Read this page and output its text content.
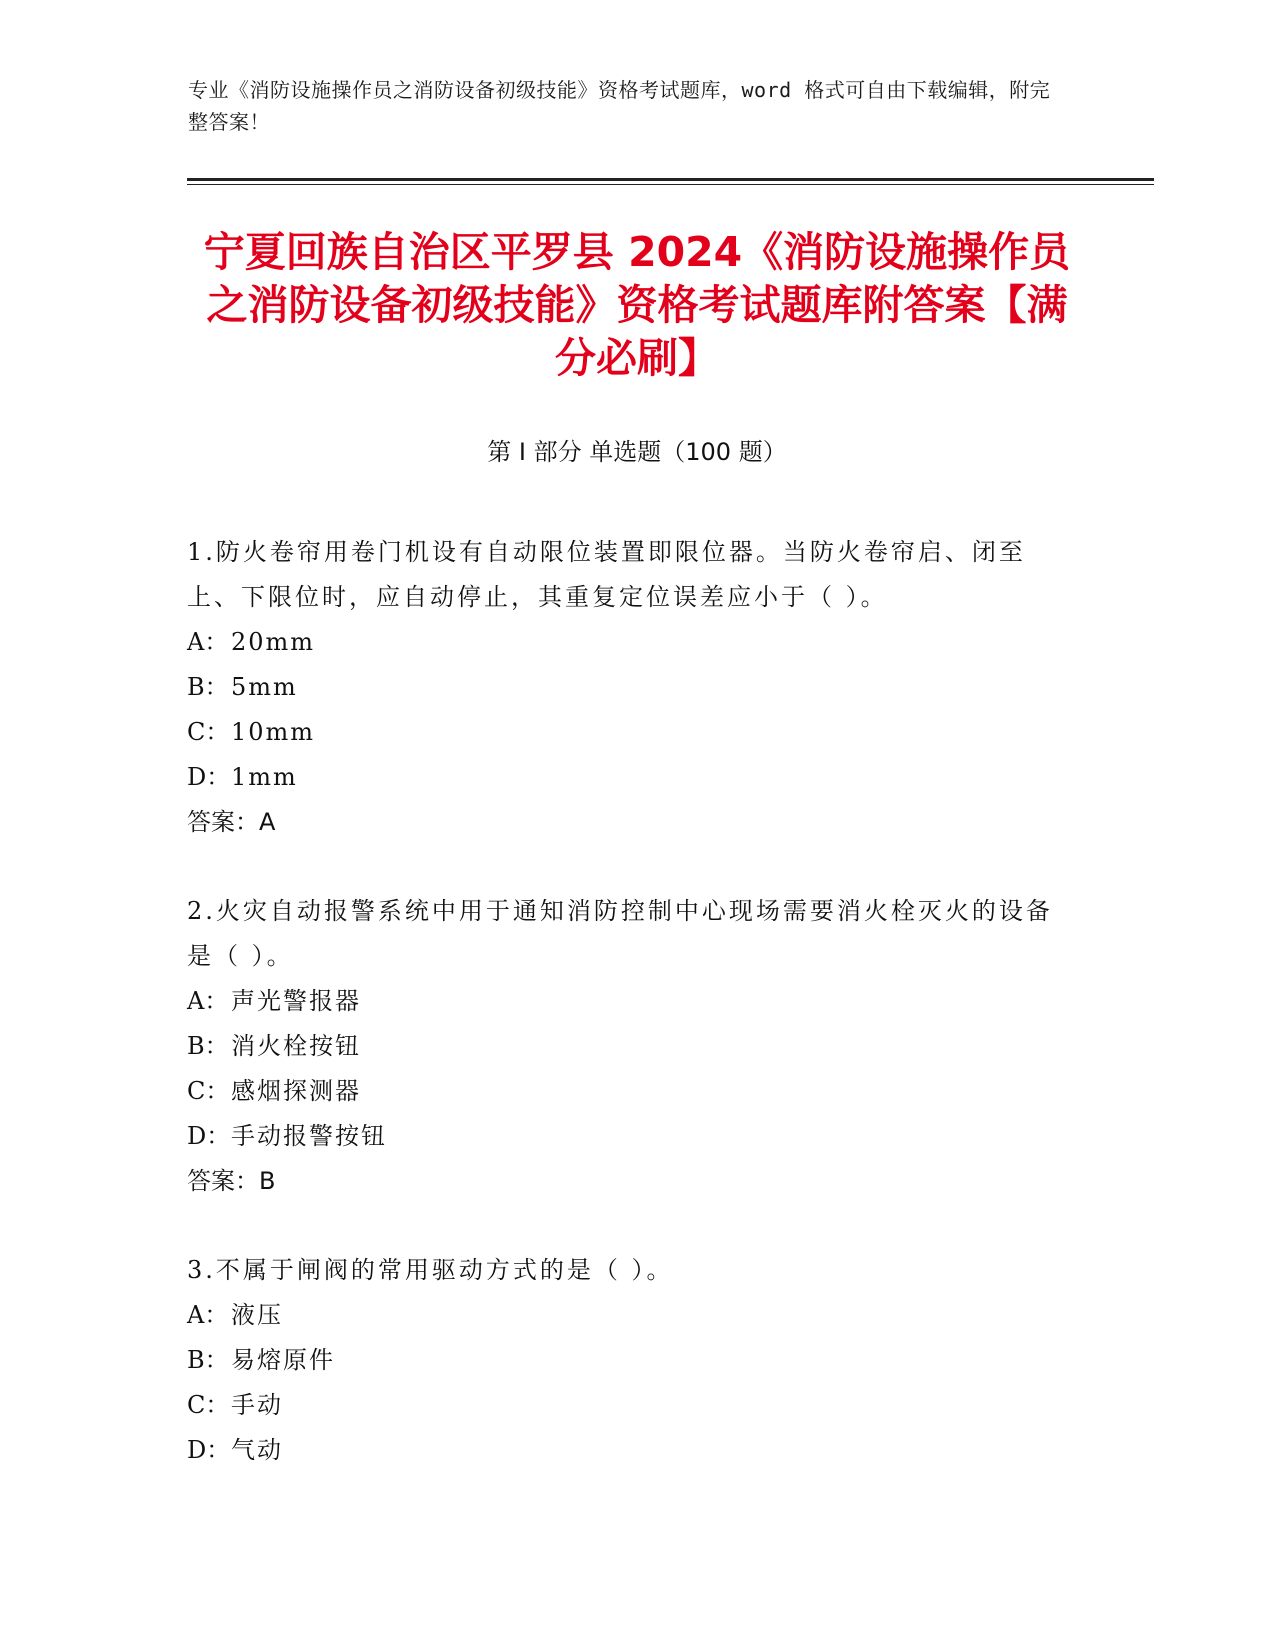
专业《消防设施操作员之消防设备初级技能》资格考试题库，word 格式可自由下载编辑，附完整答案！
宁夏回族自治区平罗县 2024《消防设施操作员之消防设备初级技能》资格考试题库附答案【满分必刷】
第 I 部分 单选题（100 题）

1.防火卷帘用卷门机设有自动限位装置即限位器。当防火卷帘启、闭至上、下限位时，应自动停止，其重复定位误差应小于（ ）。

A： 20mm

B：5mm

C：10mm

D：1mm

答案：A

2.火灾自动报警系统中用于通知消防控制中心现场需要消火栓灭火的设备是（ ）。

A： 声光警报器

B：消火栓按钮

C：感烟探测器

D：手动报警按钮

答案：B

3.不属于闸阀的常用驱动方式的是（ ）。

A： 液压

B：易熔原件

C：手动

D：气动
